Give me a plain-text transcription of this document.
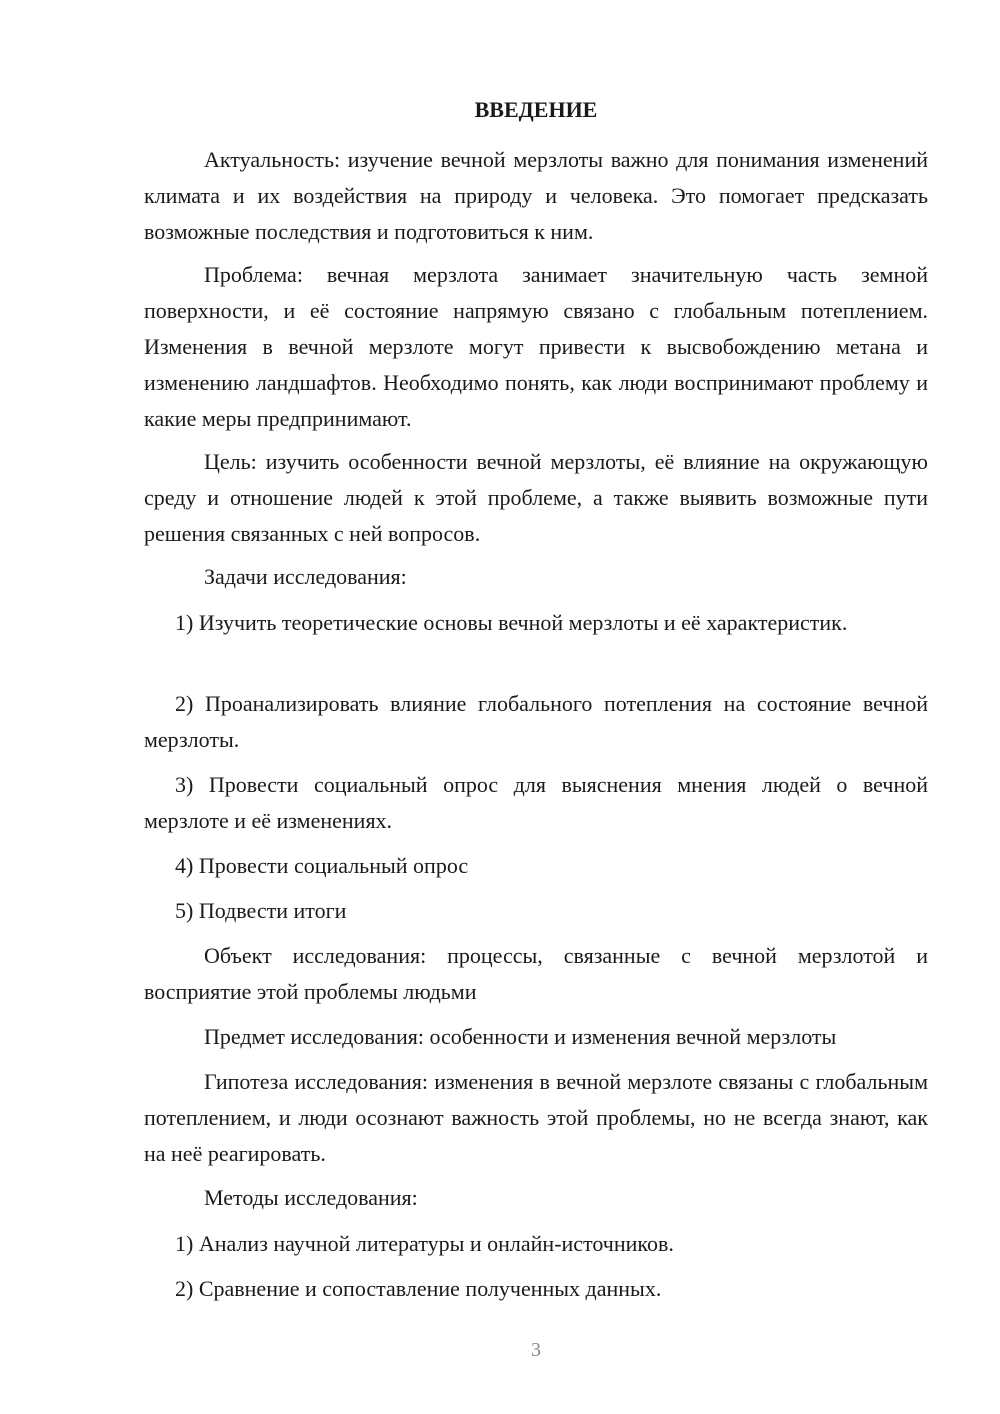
ВВЕДЕНИЕ

Актуальность: изучение вечной мерзлоты важно для понимания изменений климата и их воздействия на природу и человека. Это помогает предсказать возможные последствия и подготовиться к ним.

Проблема: вечная мерзлота занимает значительную часть земной поверхности, и её состояние напрямую связано с глобальным потеплением. Изменения в вечной мерзлоте могут привести к высвобождению метана и изменению ландшафтов. Необходимо понять, как люди воспринимают проблему и какие меры предпринимают.

Цель: изучить особенности вечной мерзлоты, её влияние на окружающую среду и отношение людей к этой проблеме, а также выявить возможные пути решения связанных с ней вопросов.

Задачи исследования:

1) Изучить теоретические основы вечной мерзлоты и её характеристик.

2) Проанализировать влияние глобального потепления на состояние вечной мерзлоты.

3) Провести социальный опрос для выяснения мнения людей о вечной мерзлоте и её изменениях.

4) Провести социальный опрос

5) Подвести итоги

Объект исследования: процессы, связанные с вечной мерзлотой и восприятие этой проблемы людьми

Предмет исследования: особенности и изменения вечной мерзлоты

Гипотеза исследования: изменения в вечной мерзлоте связаны с глобальным потеплением, и люди осознают важность этой проблемы, но не всегда знают, как на неё реагировать.

Методы исследования:

1) Анализ научной литературы и онлайн-источников.

2) Сравнение и сопоставление полученных данных.

3
